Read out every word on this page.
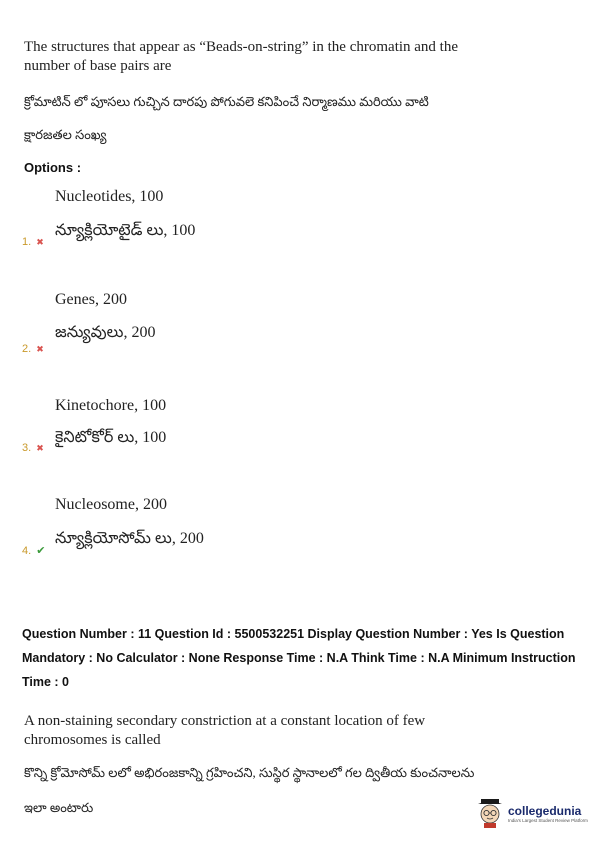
The structures that appear as “Beads-on-string” in the chromatin and the number of base pairs are
క్రోమాటిన్ లో పూసలు గుచ్చిన దారపు పోగువలె కనిపించే నిర్మాణము మరియు వాటి
క్షారజతల సంఖ్య
Options :
Nucleotides, 100
న్యూక్లియోటైడ్ లు, 100
1. ✖
Genes, 200
జన్యువులు, 200
2. ✖
Kinetochore, 100
కైనిటోకోర్ లు, 100
3. ✖
Nucleosome, 200
న్యూక్లియోసోమ్ లు, 200
4. ✔
Question Number : 11 Question Id : 5500532251 Display Question Number : Yes Is Question Mandatory : No Calculator : None Response Time : N.A Think Time : N.A Minimum Instruction Time : 0
A non-staining secondary constriction at a constant location of few chromosomes is called
కొన్ని క్రోమోసోమ్ లలో అభిరంజకాన్ని గ్రహించని, సుస్థిర స్థానాలలో గల ద్వితీయ కుంచనాలను
ఇలా అంటారు	collegedunia
India's Largest Student Review Platform
